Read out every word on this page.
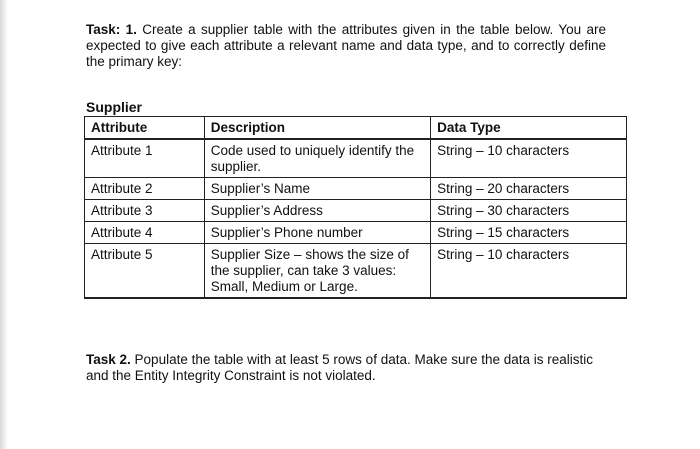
Task: 1. Create a supplier table with the attributes given in the table below. You are expected to give each attribute a relevant name and data type, and to correctly define the primary key:
Supplier
Attribute	Description	Data Type
Attribute 1	Code used to uniquely identify the supplier.	String – 10 characters
Attribute 2	Supplier’s Name	String – 20 characters
Attribute 3	Supplier’s Address	String – 30 characters
Attribute 4	Supplier’s Phone number	String – 15 characters
Attribute 5	Supplier Size – shows the size of the supplier, can take 3 values: Small, Medium or Large.	String – 10 characters
Task 2. Populate the table with at least 5 rows of data. Make sure the data is realistic and the Entity Integrity Constraint is not violated.
